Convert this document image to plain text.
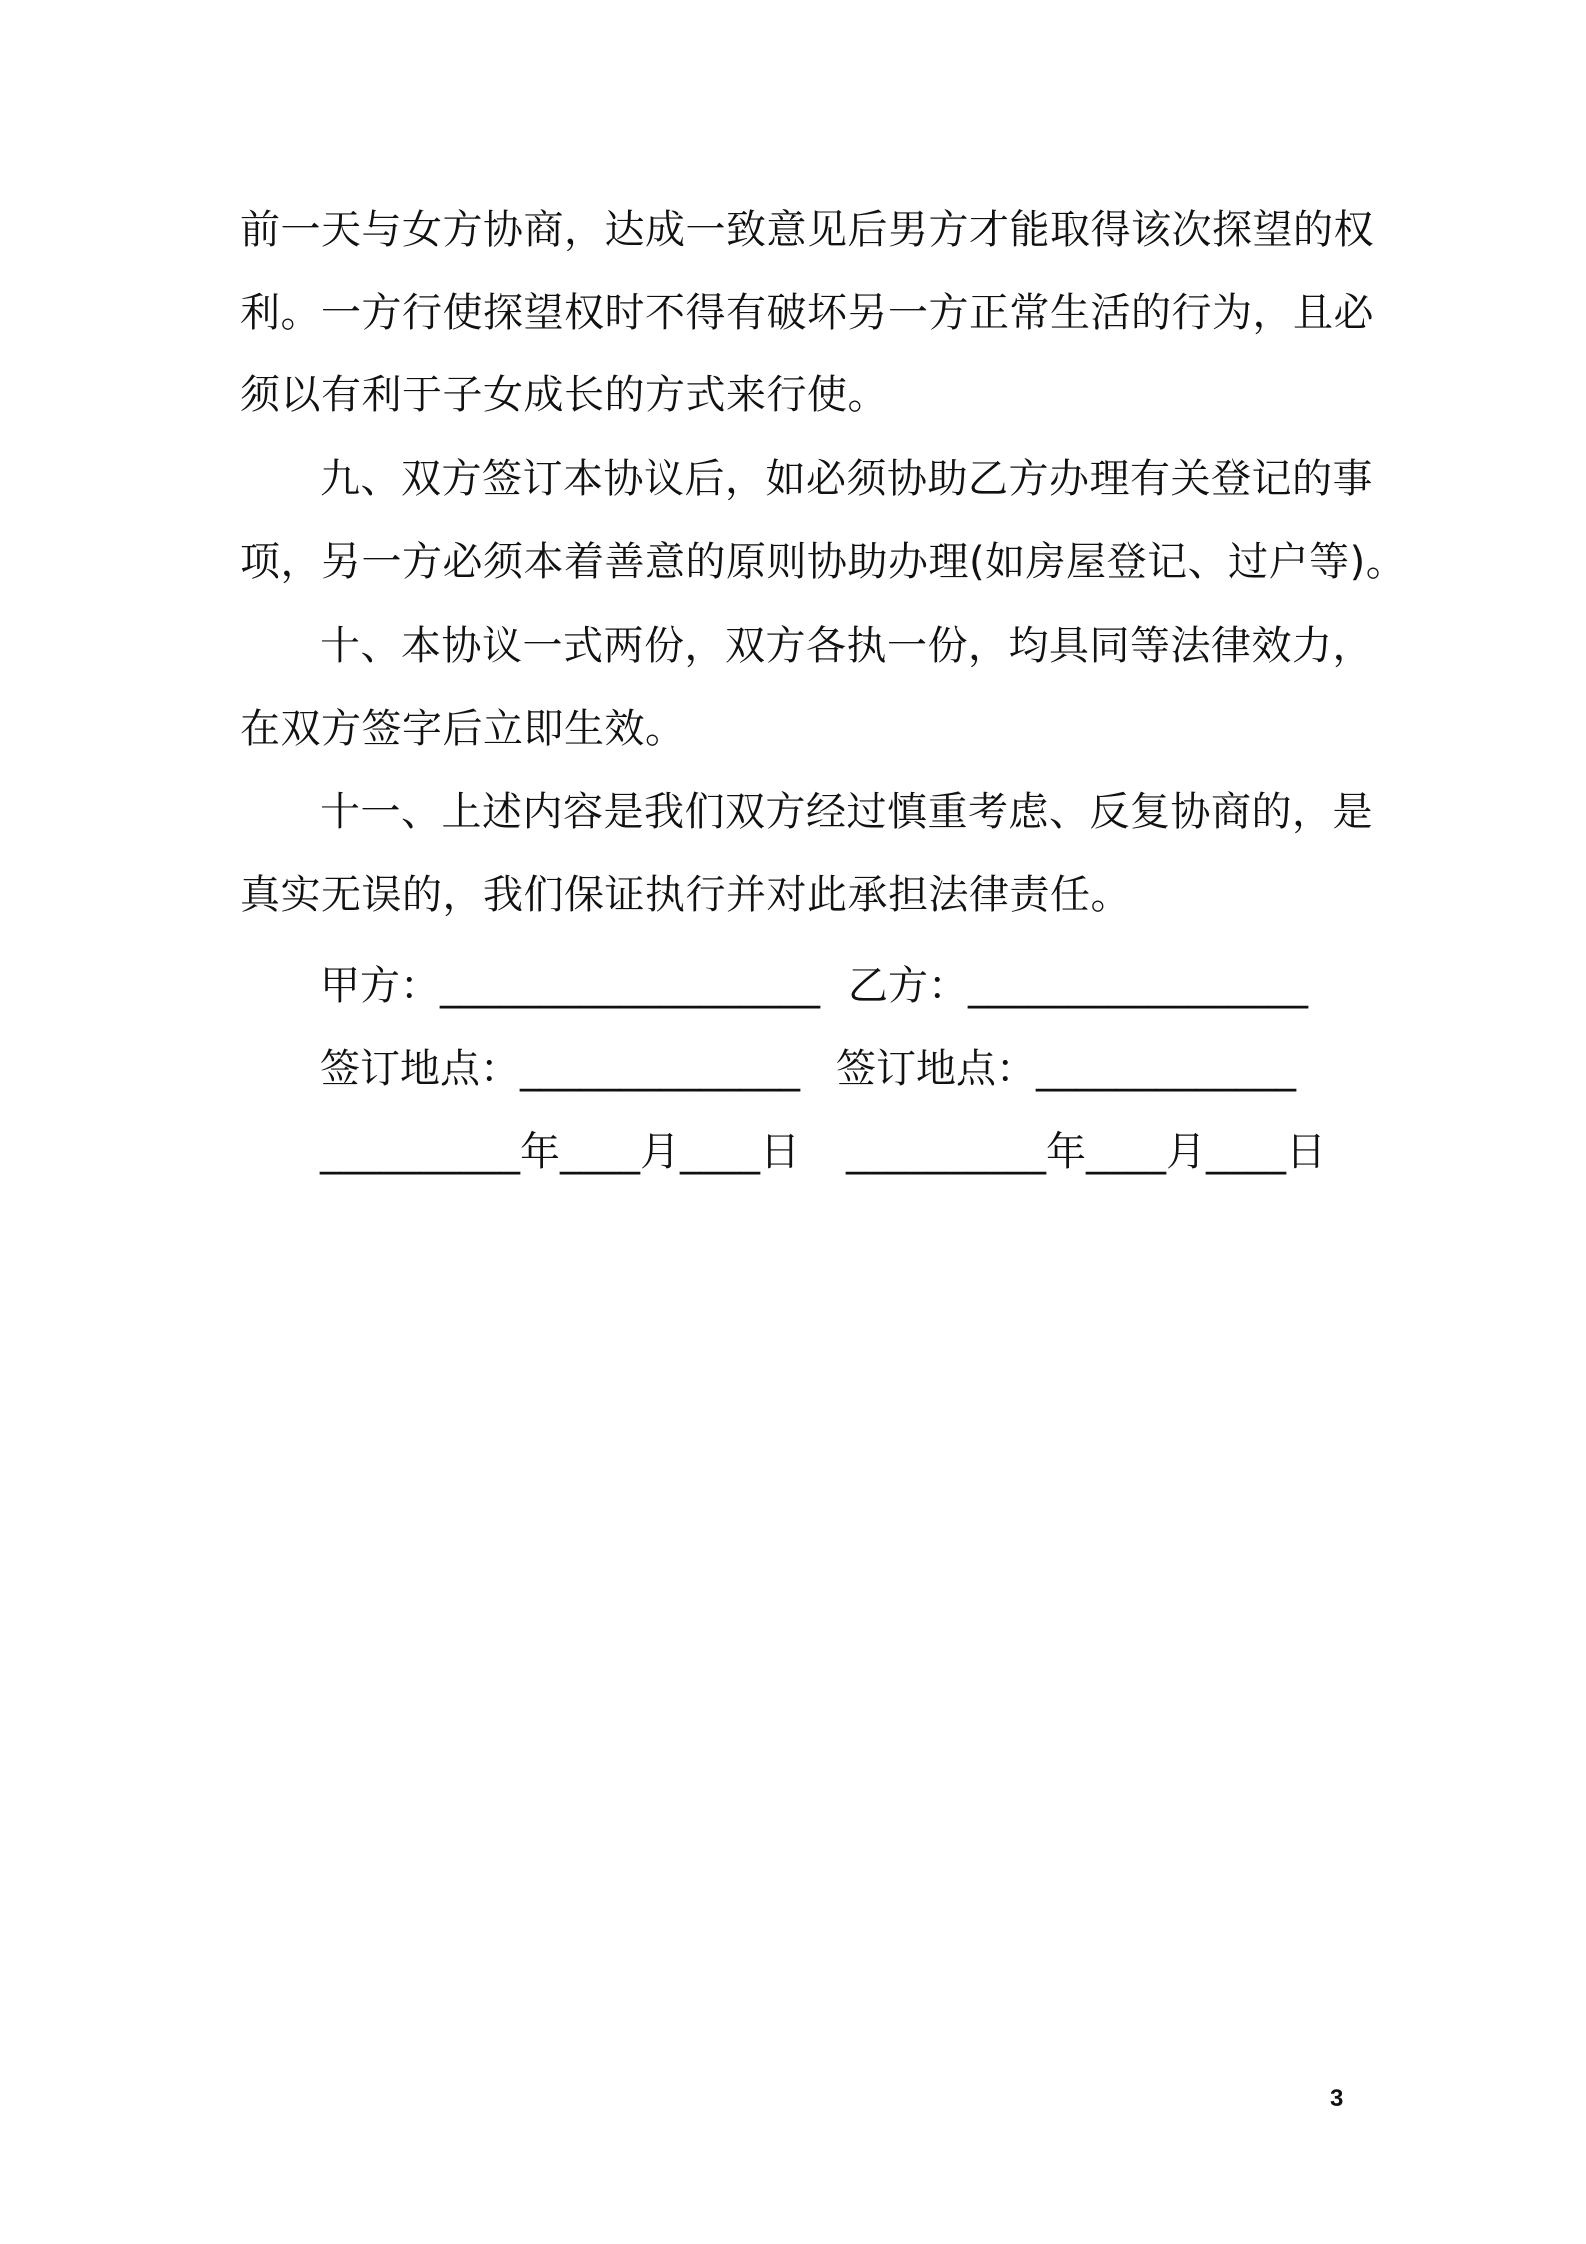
前一天与女方协商，达成一致意见后男方才能取得该次探望的权
利。一方行使探望权时不得有破坏另一方正常生活的行为，且必
须以有利于子女成长的方式来行使。
九、双方签订本协议后，如必须协助乙方办理有关登记的事
项，另一方必须本着善意的原则协助办理(如房屋登记、过户等)。
十、本协议一式两份，双方各执一份，均具同等法律效力，
在双方签字后立即生效。
十一、上述内容是我们双方经过慎重考虑、反复协商的，是
真实无误的，我们保证执行并对此承担法律责任。
甲方：___________________ 乙方：_________________
签订地点：______________ 签订地点：_____________
__________年____月____日 __________年____月____日
3
